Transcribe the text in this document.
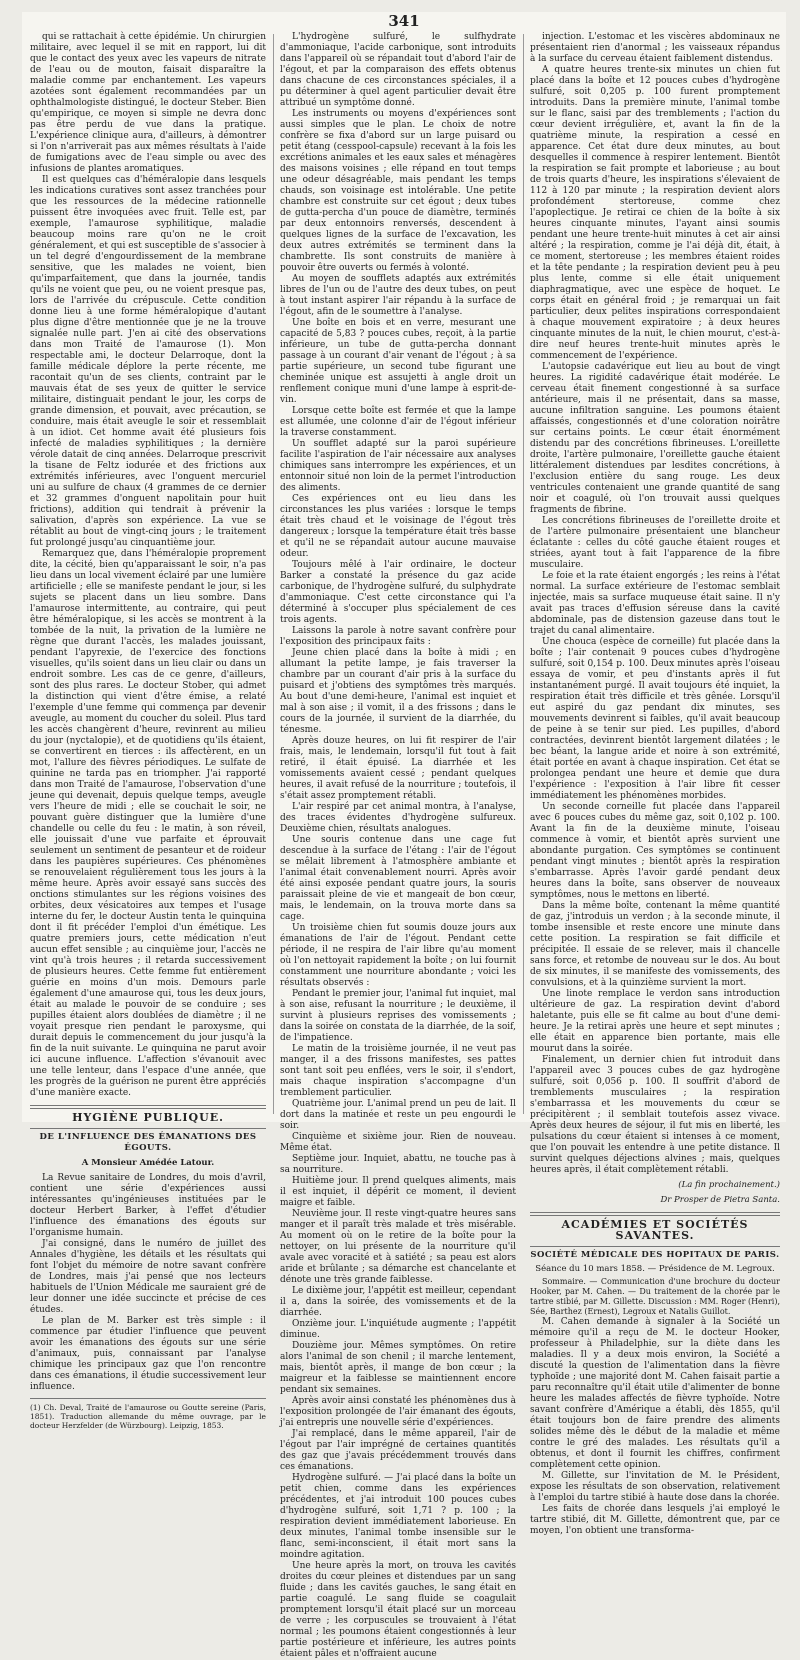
341

qui se rattachait à cette épidémie. Un chirurgien militaire, avec lequel il se mit en rapport, lui dit que le contact des yeux avec les vapeurs de nitrate de l'eau ou de mouton, faisait disparaître la maladie comme par enchantement. Les vapeurs azotées sont également recommandées par un ophthalmologiste distingué, le docteur Steber. Bien qu'empirique, ce moyen si simple ne devra donc pas être perdu de vue dans la pratique. L'expérience clinique aura, d'ailleurs, à démontrer si l'on n'arriverait pas aux mêmes résultats à l'aide de fumigations avec de l'eau simple ou avec des infusions de plantes aromatiques.

Il est quelques cas d'héméralopie dans lesquels les indications curatives sont assez tranchées pour que les ressources de la médecine rationnelle puissent être invoquées avec fruit. Telle est, par exemple, l'amaurose syphilitique, maladie beaucoup moins rare qu'on ne le croit généralement, et qui est susceptible de s'associer à un tel degré d'engourdissement de la membrane sensitive, que les malades ne voient, bien qu'imparfaitement, que dans la journée, tandis qu'ils ne voient que peu, ou ne voient presque pas, lors de l'arrivée du crépuscule. Cette condition donne lieu à une forme héméralopique d'autant plus digne d'être mentionnée que je ne la trouve signalée nulle part. J'en ai cité des observations dans mon Traité de l'amaurose (1). Mon respectable ami, le docteur Delarroque, dont la famille médicale déplore la perte récente, me racontait qu'un de ses clients, contraint par le mauvais état de ses yeux de quitter le service militaire, distinguait pendant le jour, les corps de grande dimension, et pouvait, avec précaution, se conduire, mais était aveugle le soir et ressemblait à un idiot. Cet homme avait été plusieurs fois infecté de maladies syphilitiques ; la dernière vérole datait de cinq années. Delarroque prescrivit la tisane de Feltz iodurée et des frictions aux extrémités inférieures, avec l'onguent mercuriel uni au sulfure de chaux (4 grammes de ce dernier et 32 grammes d'onguent napolitain pour huit frictions), addition qui tendrait à prévenir la salivation, d'après son expérience. La vue se rétablit au bout de vingt-cinq jours ; le traitement fut prolongé jusqu'au cinquantième jour.

Remarquez que, dans l'héméralopie proprement dite, la cécité, bien qu'apparaissant le soir, n'a pas lieu dans un local vivement éclairé par une lumière artificielle ; elle se manifeste pendant le jour, si les sujets se placent dans un lieu sombre. Dans l'amaurose intermittente, au contraire, qui peut être héméralopique, si les accès se montrent à la tombée de la nuit, la privation de la lumière ne règne que durant l'accès, les malades jouissant, pendant l'apyrexie, de l'exercice des fonctions visuelles, qu'ils soient dans un lieu clair ou dans un endroit sombre. Les cas de ce genre, d'ailleurs, sont des plus rares. Le docteur Stober, qui admet la distinction qui vient d'être émise, a relaté l'exemple d'une femme qui commença par devenir aveugle, au moment du coucher du soleil. Plus tard les accès changèrent d'heure, revinrent au milieu du jour (nyctalopie), et de quotidiens qu'ils étaient, se convertirent en tierces : ils affectèrent, en un mot, l'allure des fièvres périodiques. Le sulfate de quinine ne tarda pas en triompher. J'ai rapporté dans mon Traité de l'amaurose, l'observation d'une jeune qui devenait, depuis quelque temps, aveugle vers l'heure de midi ; elle se couchait le soir, ne pouvant guère distinguer que la lumière d'une chandelle ou celle du feu : le matin, à son réveil, elle jouissait d'une vue parfaite et éprouvait seulement un sentiment de pesanteur et de roideur dans les paupières supérieures. Ces phénomènes se renouvelaient régulièrement tous les jours à la même heure. Après avoir essayé sans succès des onctions stimulantes sur les régions voisines des orbites, deux vésicatoires aux tempes et l'usage interne du fer, le docteur Austin tenta le quinquina dont il fit précéder l'emploi d'un émétique. Les quatre premiers jours, cette médication n'eut aucun effet sensible ; au cinquième jour, l'accès ne vint qu'à trois heures ; il retarda successivement de plusieurs heures. Cette femme fut entièrement guérie en moins d'un mois. Demours parle également d'une amaurose qui, tous les deux jours, était au malade le pouvoir de se conduire ; ses pupilles étaient alors doublées de diamètre ; il ne voyait presque rien pendant le paroxysme, qui durait depuis le commencement du jour jusqu'à la fin de la nuit suivante. Le quinquina ne parut avoir ici aucune influence. L'affection s'évanouit avec une telle lenteur, dans l'espace d'une année, que les progrès de la guérison ne purent être appréciés d'une manière exacte.

HYGIÈNE PUBLIQUE.
DE L'INFLUENCE DES ÉMANATIONS DES ÉGOUTS.
A Monsieur Amédée Latour.

La Revue sanitaire de Londres, du mois d'avril, contient une série d'expériences aussi intéressantes qu'ingénieuses instituées par le docteur Herbert Barker, à l'effet d'étudier l'influence des émanations des égouts sur l'organisme humain.

J'ai consigné, dans le numéro de juillet des Annales d'hygiène, les détails et les résultats qui font l'objet du mémoire de notre savant confrère de Londres, mais j'ai pensé que nos lecteurs habituels de l'Union Médicale me sauraient gré de leur donner une idée succincte et précise de ces études.

Le plan de M. Barker est très simple : il commence par étudier l'influence que peuvent avoir les émanations des égouts sur une série d'animaux, puis, connaissant par l'analyse chimique les principaux gaz que l'on rencontre dans ces émanations, il étudie successivement leur influence.

(1) Ch. Deval, Traité de l'amaurose ou Goutte sereine (Paris, 1851). Traduction allemande du même ouvrage, par le docteur Herzfelder (de Würzbourg). Leipzig, 1853.

L'hydrogène sulfuré, le sulfhydrate d'ammoniaque, l'acide carbonique, sont introduits dans l'appareil où se répandait tout d'abord l'air de l'égout, et par la comparaison des effets obtenus dans chacune de ces circonstances spéciales, il a pu déterminer à quel agent particulier devait être attribué un symptôme donné.

Les instruments ou moyens d'expériences sont aussi simples que le plan. Le choix de notre confrère se fixa d'abord sur un large puisard ou petit étang (cesspool-capsule) recevant à la fois les excrétions animales et les eaux sales et ménagères des maisons voisines ; elle répand en tout temps une odeur désagréable, mais pendant les temps chauds, son voisinage est intolérable. Une petite chambre est construite sur cet égout ; deux tubes de gutta-percha d'un pouce de diamètre, terminés par deux entonnoirs renversés, descendent à quelques lignes de la surface de l'excavation, les deux autres extrémités se terminent dans la chambrette. Ils sont construits de manière à pouvoir être ouverts ou fermés à volonté.

Au moyen de soufflets adaptés aux extrémités libres de l'un ou de l'autre des deux tubes, on peut à tout instant aspirer l'air répandu à la surface de l'égout, afin de le soumettre à l'analyse.

Une boîte en bois et en verre, mesurant une capacité de 5,83 ? pouces cubes, reçoit, à la partie inférieure, un tube de gutta-percha donnant passage à un courant d'air venant de l'égout ; à sa partie supérieure, un second tube figurant une cheminée unique est assujetti à angle droit un renflement conique muni d'une lampe à esprit-de-vin.

Lorsque cette boîte est fermée et que la lampe est allumée, une colonne d'air de l'égout inférieur la traverse constamment.

Un soufflet adapté sur la paroi supérieure facilite l'aspiration de l'air nécessaire aux analyses chimiques sans interrompre les expériences, et un entonnoir situé non loin de la permet l'introduction des aliments.

Ces expériences ont eu lieu dans les circonstances les plus variées : lorsque le temps était très chaud et le voisinage de l'égout très dangereux ; lorsque la température était très basse et qu'il ne se répandait autour aucune mauvaise odeur.

Toujours mêlé à l'air ordinaire, le docteur Barker a constaté la présence du gaz acide carbonique, de l'hydrogène sulfuré, du sulphydrate d'ammoniaque. C'est cette circonstance qui l'a déterminé à s'occuper plus spécialement de ces trois agents.

Laissons la parole à notre savant confrère pour l'exposition des principaux faits :

Jeune chien placé dans la boîte à midi ; en allumant la petite lampe, je fais traverser la chambre par un courant d'air pris à la surface du puisard et j'obtiens des symptômes très marqués. Au bout d'une demi-heure, l'animal est inquiet et mal à son aise ; il vomit, il a des frissons ; dans le cours de la journée, il survient de la diarrhée, du ténesme.

Après douze heures, on lui fit respirer de l'air frais, mais, le lendemain, lorsqu'il fut tout à fait retiré, il était épuisé. La diarrhée et les vomissements avaient cessé ; pendant quelques heures, il avait refusé de la nourriture ; toutefois, il s'était assez promptement rétabli.

L'air respiré par cet animal montra, à l'analyse, des traces évidentes d'hydrogène sulfureux. Deuxième chien, résultats analogues.

Une souris contenue dans une cage fut descendue à la surface de l'étang : l'air de l'égout se mêlait librement à l'atmosphère ambiante et l'animal était convenablement nourri. Après avoir été ainsi exposée pendant quatre jours, la souris paraissait pleine de vie et mangeait de bon cœur, mais, le lendemain, on la trouva morte dans sa cage.

Un troisième chien fut soumis douze jours aux émanations de l'air de l'égout. Pendant cette période, il ne respira de l'air libre qu'au moment où l'on nettoyait rapidement la boîte ; on lui fournit constamment une nourriture abondante ; voici les résultats observés :

Pendant le premier jour, l'animal fut inquiet, mal à son aise, refusant la nourriture ; le deuxième, il survint à plusieurs reprises des vomissements ; dans la soirée on constata de la diarrhée, de la soif, de l'impatience.

Le matin de la troisième journée, il ne veut pas manger, il a des frissons manifestes, ses pattes sont tant soit peu enflées, vers le soir, il s'endort, mais chaque inspiration s'accompagne d'un tremblement particulier.

Quatrième jour. L'animal prend un peu de lait. Il dort dans la matinée et reste un peu engourdi le soir.

Cinquième et sixième jour. Rien de nouveau. Même état.

Septième jour. Inquiet, abattu, ne touche pas à sa nourriture.

Huitième jour. Il prend quelques aliments, mais il est inquiet, il dépérit ce moment, il devient maigre et faible.

Neuvième jour. Il reste vingt-quatre heures sans manger et il paraît très malade et très misérable. Au moment où on le retire de la boîte pour la nettoyer, on lui présente de la nourriture qu'il avale avec voracité et à satiété ; sa peau est alors aride et brûlante ; sa démarche est chancelante et dénote une très grande faiblesse.

Le dixième jour, l'appétit est meilleur, cependant il a, dans la soirée, des vomissements et de la diarrhée.

Onzième jour. L'inquiétude augmente ; l'appétit diminue.

Douzième jour. Mêmes symptômes. On retire alors l'animal de son chenil ; il marche lentement, mais, bientôt après, il mange de bon cœur ; la maigreur et la faiblesse se maintiennent encore pendant six semaines.

Après avoir ainsi constaté les phénomènes dus à l'exposition prolongée de l'air émanant des égouts, j'ai entrepris une nouvelle série d'expériences.

J'ai remplacé, dans le même appareil, l'air de l'égout par l'air imprégné de certaines quantités des gaz que j'avais précédemment trouvés dans ces émanations.

Hydrogène sulfuré. — J'ai placé dans la boîte un petit chien, comme dans les expériences précédentes, et j'ai introduit 100 pouces cubes d'hydrogène sulfuré, soit 1,71 ? p. 100 ; la respiration devient immédiatement laborieuse. En deux minutes, l'animal tombe insensible sur le flanc, semi-inconscient, il était mort sans la moindre agitation.

Une heure après la mort, on trouva les cavités droites du cœur pleines et distendues par un sang fluide ; dans les cavités gauches, le sang était en partie coagulé. Le sang fluide se coagulait promptement lorsqu'il était placé sur un morceau de verre ; les corpuscules se trouvaient à l'état normal ; les poumons étaient congestionnés à leur partie postérieure et inférieure, les autres points étaient pâles et n'offraient aucune

injection. L'estomac et les viscères abdominaux ne présentaient rien d'anormal ; les vaisseaux répandus à la surface du cerveau étaient faiblement distendus.

A quatre heures trente-six minutes un chien fut placé dans la boîte et 12 pouces cubes d'hydrogène sulfuré, soit 0,205 p. 100 furent promptement introduits. Dans la première minute, l'animal tombe sur le flanc, saisi par des tremblements ; l'action du cœur devient irrégulière, et, avant la fin de la quatrième minute, la respiration a cessé en apparence. Cet état dure deux minutes, au bout desquelles il commence à respirer lentement. Bientôt la respiration se fait prompte et laborieuse ; au bout de trois quarts d'heure, les inspirations s'élevaient de 112 à 120 par minute ; la respiration devient alors profondément stertoreuse, comme chez l'apoplectique. Je retirai ce chien de la boîte à six heures cinquante minutes, l'ayant ainsi soumis pendant une heure trente-huit minutes à cet air ainsi altéré ; la respiration, comme je l'ai déjà dit, était, à ce moment, stertoreuse ; les membres étaient roides et la tête pendante ; la respiration devient peu à peu plus lente, comme si elle était uniquement diaphragmatique, avec une espèce de hoquet. Le corps était en général froid ; je remarquai un fait particulier, deux pelites inspirations correspondaient à chaque mouvement expiratoire ; à deux heures cinquante minutes de la nuit, le chien mourut, c'est-à-dire neuf heures trente-huit minutes après le commencement de l'expérience.

L'autopsie cadavérique eut lieu au bout de vingt heures. La rigidité cadavérique était modérée. Le cerveau était finement congestionné à sa surface antérieure, mais il ne présentait, dans sa masse, aucune infiltration sanguine. Les poumons étaient affaissés, congestionnés et d'une coloration noirâtre sur certains points. Le cœur était énormément distendu par des concrétions fibrineuses. L'oreillette droite, l'artère pulmonaire, l'oreillette gauche étaient littéralement distendues par lesdites concrétions, à l'exclusion entière du sang rouge. Les deux ventricules contenaient une grande quantité de sang noir et coagulé, où l'on trouvait aussi quelques fragments de fibrine.

Les concrétions fibrineuses de l'oreillette droite et de l'artère pulmonaire présentaient une blancheur éclatante : celles du côté gauche étaient rouges et striées, ayant tout à fait l'apparence de la fibre musculaire.

Le foie et la rate étaient engorgés ; les reins à l'état normal. La surface extérieure de l'estomac semblait injectée, mais sa surface muqueuse était saine. Il n'y avait pas traces d'effusion séreuse dans la cavité abdominale, pas de distension gazeuse dans tout le trajet du canal alimentaire.

Une chouca (espèce de corneille) fut placée dans la boîte ; l'air contenait 9 pouces cubes d'hydrogène sulfuré, soit 0,154 p. 100. Deux minutes après l'oiseau essaya de vomir, et peu d'instants après il fut instantanément purgé. Il avait toujours été inquiet, la respiration était très difficile et très gênée. Lorsqu'il eut aspiré du gaz pendant dix minutes, ses mouvements devinrent si faibles, qu'il avait beaucoup de peine à se tenir sur pied. Les pupilles, d'abord contractées, devinrent bientôt largement dilatées ; le bec béant, la langue aride et noire à son extrémité, était portée en avant à chaque inspiration. Cet état se prolongea pendant une heure et demie que dura l'expérience : l'exposition à l'air libre fit cesser immédiatement les phénomènes morbides.

Un seconde corneille fut placée dans l'appareil avec 6 pouces cubes du même gaz, soit 0,102 p. 100. Avant la fin de la deuxième minute, l'oiseau commence à vomir, et bientôt après survient une abondante purgation. Ces symptômes se continuent pendant vingt minutes ; bientôt après la respiration s'embarrasse. Après l'avoir gardé pendant deux heures dans la boîte, sans observer de nouveaux symptômes, nous le mettons en liberté.

Dans la même boîte, contenant la même quantité de gaz, j'introduis un verdon ; à la seconde minute, il tombe insensible et reste encore une minute dans cette position. La respiration se fait difficile et précipitée. Il essaie de se relever, mais il chancelle sans force, et retombe de nouveau sur le dos. Au bout de six minutes, il se manifeste des vomissements, des convulsions, et à la quinzième survient la mort.

Une linote remplace le verdon sans introduction ultérieure de gaz. La respiration devint d'abord haletante, puis elle se fit calme au bout d'une demi-heure. Je la retirai après une heure et sept minutes ; elle était en apparence bien portante, mais elle mourut dans la soirée.

Finalement, un dernier chien fut introduit dans l'appareil avec 3 pouces cubes de gaz hydrogène sulfuré, soit 0,056 p. 100. Il souffrit d'abord de tremblements musculaires ; la respiration s'embarrassa et les mouvements du cœur se précipitèrent ; il semblait toutefois assez vivace. Après deux heures de séjour, il fut mis en liberté, les pulsations du cœur étaient si intenses à ce moment, que l'on pouvait les entendre à une petite distance. Il survint quelques déjections alvines ; mais, quelques heures après, il était complètement rétabli.

(La fin prochainement.)
Dr Prosper de Pietra Santa.
ACADÉMIES ET SOCIÉTÉS SAVANTES.
SOCIÉTÉ MÉDICALE DES HOPITAUX DE PARIS.
Séance du 10 mars 1858. — Présidence de M. Legroux.

Sommaire. — Communication d'une brochure du docteur Hooker, par M. Cahen. — Du traitement de la chorée par le tartre stibié, par M. Gillette. Discussion : MM. Roger (Henri), Sée, Barthez (Ernest), Legroux et Natalis Guillot.

M. Cahen demande à signaler à la Société un mémoire qu'il a reçu de M. le docteur Hooker, professeur à Philadelphie, sur la diète dans les maladies. Il y a deux mois environ, la Société a discuté la question de l'alimentation dans la fièvre typhoïde ; une majorité dont M. Cahen faisait partie a paru reconnaître qu'il était utile d'alimenter de bonne heure les malades affectés de fièvre typhoïde. Notre savant confrère d'Amérique a établi, dès 1855, qu'il était toujours bon de faire prendre des aliments solides même dès le début de la maladie et même contre le gré des malades. Les résultats qu'il a obtenus, et dont il fournit les chiffres, confirment complètement cette opinion.

M. Gillette, sur l'invitation de M. le Président, expose les résultats de son observation, relativement à l'emploi du tartre stibié à haute dose dans la chorée.

Les faits de chorée dans lesquels j'ai employé le tartre stibié, dit M. Gillette, démontrent que, par ce moyen, l'on obtient une transforma-
